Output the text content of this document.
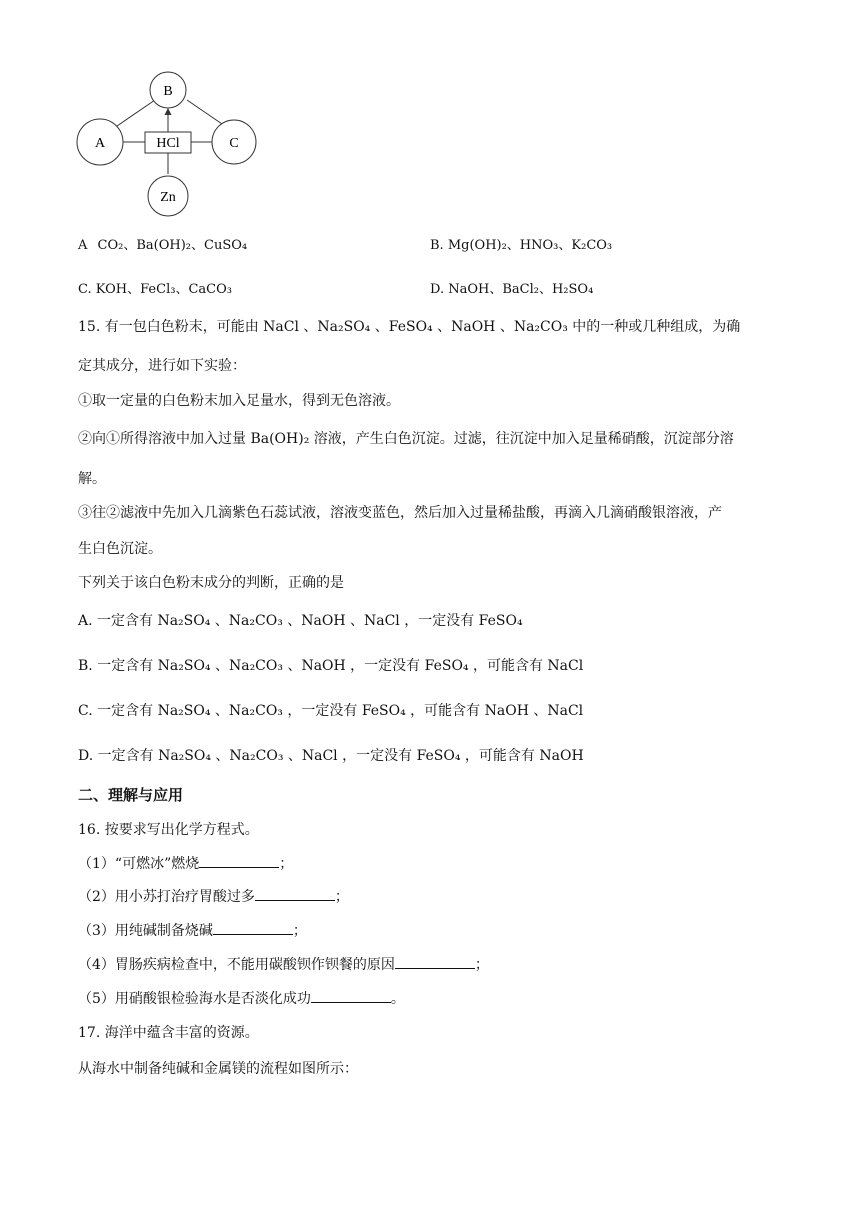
B
A	C
HCl
Zn
A CO₂、Ba(OH)₂、CuSO₄	B. Mg(OH)₂、HNO₃、K₂CO₃
C. KOH、FeCl₃、CaCO₃	D. NaOH、BaCl₂、H₂SO₄
15. 有一包白色粉末，可能由 NaCl 、Na₂SO₄ 、FeSO₄ 、NaOH 、Na₂CO₃ 中的一种或几种组成，为确
定其成分，进行如下实验：
①取一定量的白色粉末加入足量水，得到无色溶液。
②向①所得溶液中加入过量 Ba(OH)₂ 溶液，产生白色沉淀。过滤，往沉淀中加入足量稀硝酸，沉淀部分溶
解。
③往②滤液中先加入几滴紫色石蕊试液，溶液变蓝色，然后加入过量稀盐酸，再滴入几滴硝酸银溶液，产
生白色沉淀。
下列关于该白色粉末成分的判断，正确的是
A. 一定含有 Na₂SO₄ 、Na₂CO₃ 、NaOH 、NaCl ，一定没有 FeSO₄
B. 一定含有 Na₂SO₄ 、Na₂CO₃ 、NaOH ，一定没有 FeSO₄ ，可能含有 NaCl
C. 一定含有 Na₂SO₄ 、Na₂CO₃ ，一定没有 FeSO₄ ，可能含有 NaOH 、NaCl
D. 一定含有 Na₂SO₄ 、Na₂CO₃ 、NaCl ，一定没有 FeSO₄ ，可能含有 NaOH
二、理解与应用
16. 按要求写出化学方程式。
（1）“可燃冰”燃烧	；
（2）用小苏打治疗胃酸过多	；
（3）用纯碱制备烧碱	；
（4）胃肠疾病检查中，不能用碳酸钡作钡餐的原因	；
（5）用硝酸银检验海水是否淡化成功	。
17. 海洋中蕴含丰富的资源。
从海水中制备纯碱和金属镁的流程如图所示：
